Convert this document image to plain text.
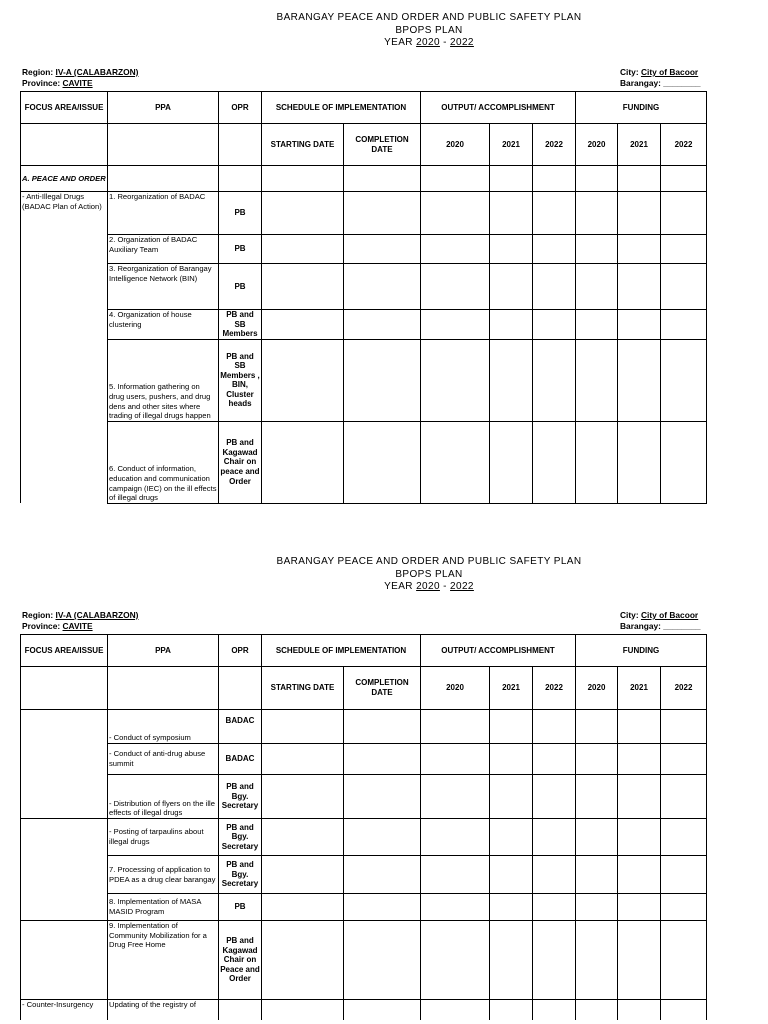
BARANGAY PEACE AND ORDER AND PUBLIC SAFETY PLAN
BPOPS PLAN
YEAR 2020 - 2022
Region: IV-A (CALABARZON)
Province: CAVITE
City: City of Bacoor
Barangay: ________
FOCUS AREA/ISSUE	PPA	OPR	SCHEDULE OF IMPLEMENTATION		OUTPUT/ ACCOMPLISHMENT			FUNDING		
			STARTING DATE	COMPLETION DATE	2020	2021	2022	2020	2021	2022
A. PEACE AND ORDER										
- Anti-Illegal Drugs (BADAC Plan of Action)	1. Reorganization of BADAC	PB								
	2. Organization of BADAC Auxiliary Team	PB								
	3. Reorganization of Barangay Intelligence Network (BIN)	PB								
	4. Organization of house clustering	PB and SB Members								
	5. Information gathering on drug users, pushers, and drug dens and other sites where trading of illegal drugs happen	PB and SB Members , BIN, Cluster heads								
	6. Conduct of information, education and communication campaign (IEC) on the ill effects of illegal drugs	PB and Kagawad Chair on peace and Order								
BARANGAY PEACE AND ORDER AND PUBLIC SAFETY PLAN
BPOPS PLAN
YEAR 2020 - 2022
Region: IV-A (CALABARZON)
Province: CAVITE
City: City of Bacoor
Barangay: ________
FOCUS AREA/ISSUE	PPA	OPR	SCHEDULE OF IMPLEMENTATION		OUTPUT/ ACCOMPLISHMENT			FUNDING		
			STARTING DATE	COMPLETION DATE	2020	2021	2022	2020	2021	2022
	- Conduct of symposium	BADAC								
	- Conduct of anti-drug abuse summit	BADAC								
	- Distribution of flyers on the ille effects of illegal drugs	PB and Bgy. Secretary								
	- Posting of tarpaulins about illegal drugs	PB and Bgy. Secretary								
	7. Processing of application to PDEA as a drug clear barangay	PB and Bgy. Secretary								
	8. Implementation of MASA MASID Program	PB								
	9. Implementation of Community Mobilization for a Drug Free Home	PB and Kagawad Chair on Peace and Order								
- Counter-Insurgency	Updating of the registry of									
